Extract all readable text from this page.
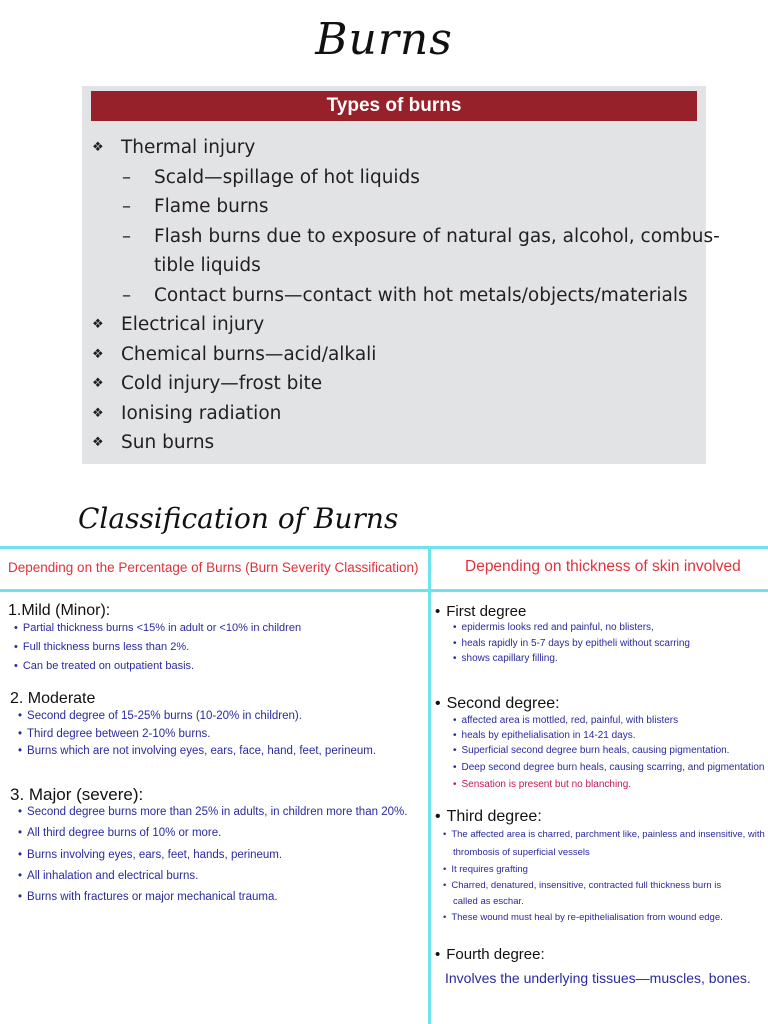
Burns
Types of burns
❖ Thermal injury
– Scald—spillage of hot liquids
– Flame burns
– Flash burns due to exposure of natural gas, alcohol, combus-
tible liquids
– Contact burns—contact with hot metals/objects/materials
❖ Electrical injury
❖ Chemical burns—acid/alkali
❖ Cold injury—frost bite
❖ Ionising radiation
❖ Sun burns
Classification of Burns
Depending on the Percentage of Burns (Burn Severity Classification)	Depending on thickness of skin involved
1.Mild (Minor):
• Partial thickness burns <15% in adult or <10% in children
• Full thickness burns less than 2%.
• Can be treated on outpatient basis.
2. Moderate
• Second degree of 15-25% burns (10-20% in children).
• Third degree between 2-10% burns.
• Burns which are not involving eyes, ears, face, hand, feet, perineum.
3. Major (severe):
• Second degree burns more than 25% in adults, in children more than 20%.
• All third degree burns of 10% or more.
• Burns involving eyes, ears, feet, hands, perineum.
• All inhalation and electrical burns.
• Burns with fractures or major mechanical trauma.
• First degree
• epidermis looks red and painful, no blisters,
• heals rapidly in 5-7 days by epitheli without scarring
• shows capillary filling.
• Second degree:
• affected area is mottled, red, painful, with blisters
• heals by epithelialisation in 14-21 days.
• Superficial second degree burn heals, causing pigmentation.
• Deep second degree burn heals, causing scarring, and pigmentation
• Sensation is present but no blanching.
• Third degree:
• The affected area is charred, parchment like, painless and insensitive, with
thrombosis of superficial vessels
• It requires grafting
• Charred, denatured, insensitive, contracted full thickness burn is
called as eschar.
• These wound must heal by re-epithelialisation from wound edge.
• Fourth degree:
Involves the underlying tissues—muscles, bones.
